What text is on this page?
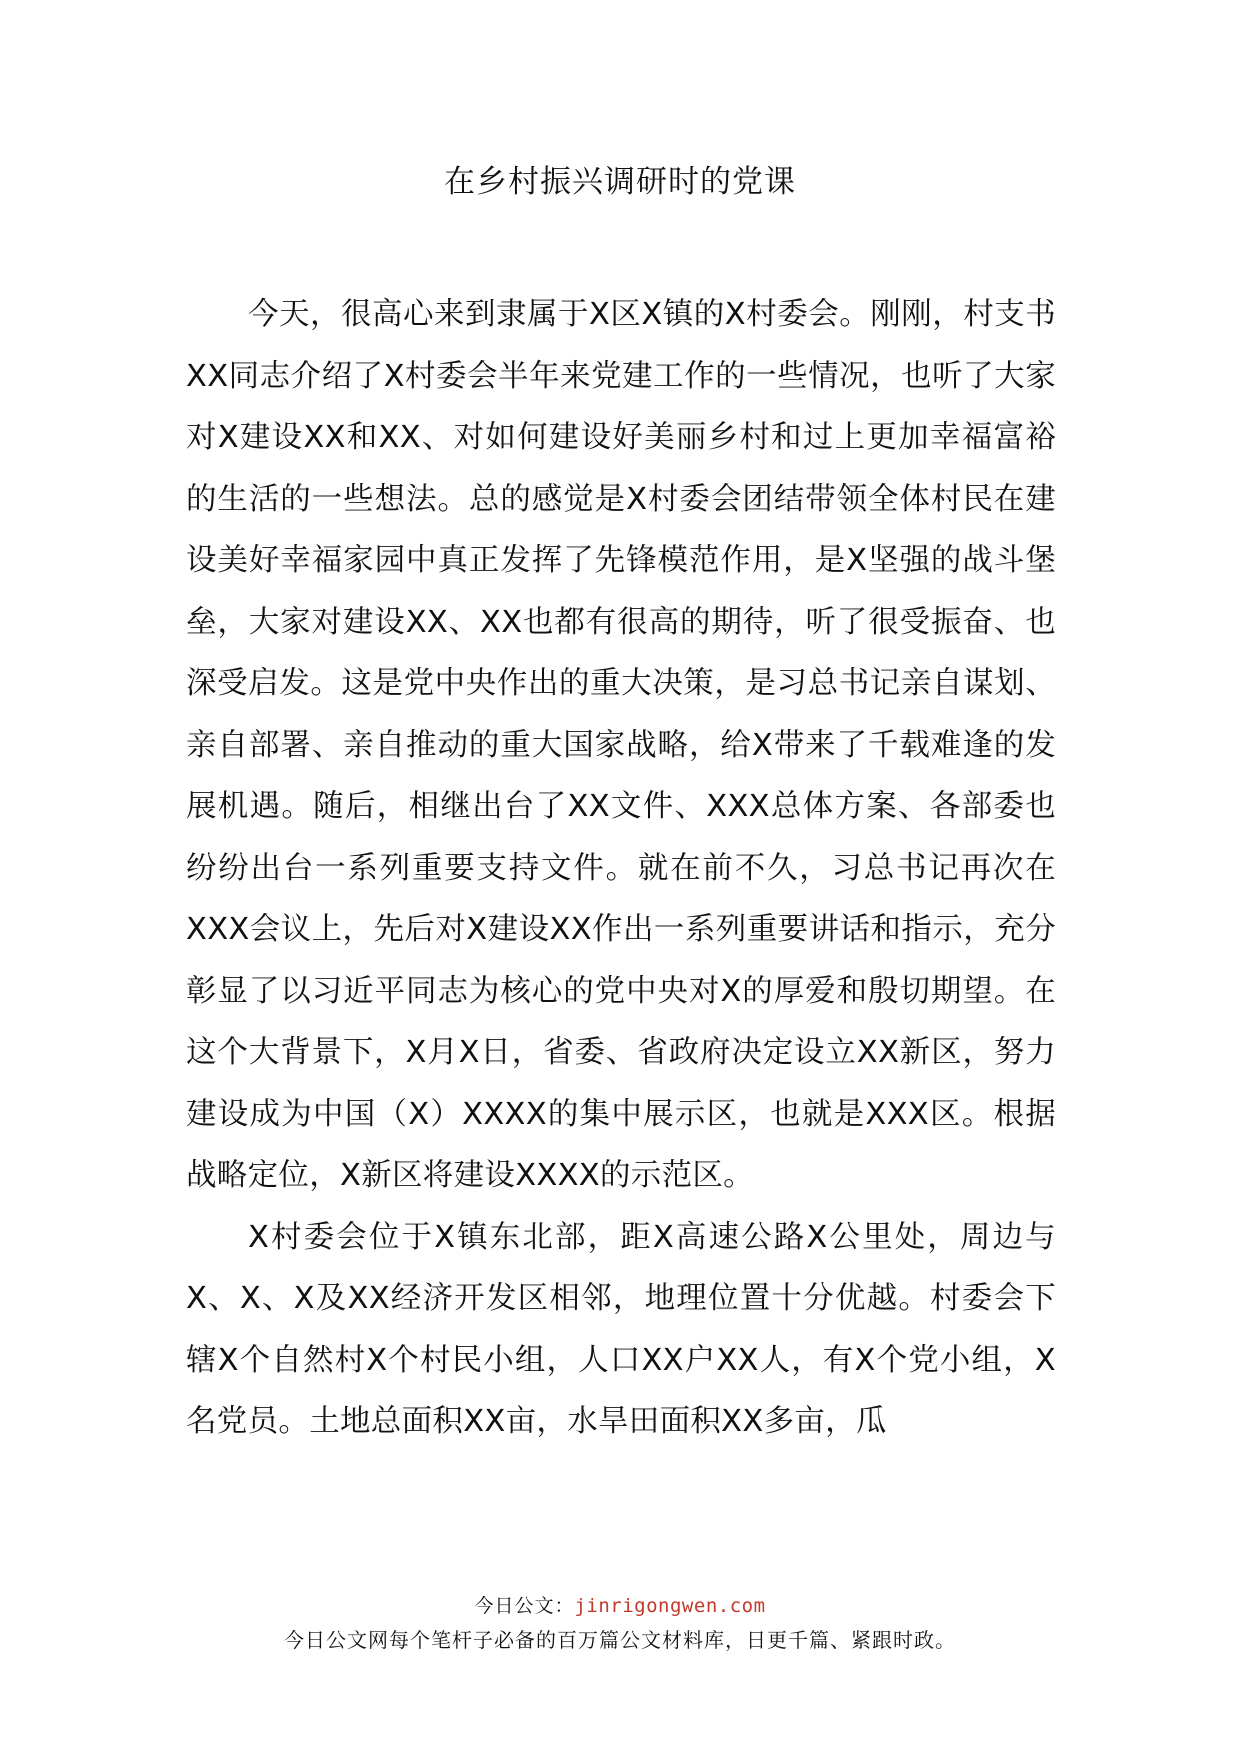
在乡村振兴调研时的党课

今天，很高心来到隶属于X区X镇的X村委会。刚刚，村支书XX同志介绍了X村委会半年来党建工作的一些情况，也听了大家对X建设XX和XX、对如何建设好美丽乡村和过上更加幸福富裕的生活的一些想法。总的感觉是X村委会团结带领全体村民在建设美好幸福家园中真正发挥了先锋模范作用，是X坚强的战斗堡垒，大家对建设XX、XX也都有很高的期待，听了很受振奋、也深受启发。这是党中央作出的重大决策，是习总书记亲自谋划、亲自部署、亲自推动的重大国家战略，给X带来了千载难逢的发展机遇。随后，相继出台了XX文件、XXX总体方案、各部委也纷纷出台一系列重要支持文件。就在前不久，习总书记再次在XXX会议上，先后对X建设XX作出一系列重要讲话和指示，充分彰显了以习近平同志为核心的党中央对X的厚爱和殷切期望。在这个大背景下，X月X日，省委、省政府决定设立XX新区，努力建设成为中国（X）XXXX的集中展示区，也就是XXX区。根据战略定位，X新区将建设XXXX的示范区。

X村委会位于X镇东北部，距X高速公路X公里处，周边与X、X、X及XX经济开发区相邻，地理位置十分优越。村委会下辖X个自然村X个村民小组，人口XX户XX人，有X个党小组，X名党员。土地总面积XX亩，水旱田面积XX多亩，瓜

今日公文：jinrigongwen.com
今日公文网每个笔杆子必备的百万篇公文材料库，日更千篇、紧跟时政。
